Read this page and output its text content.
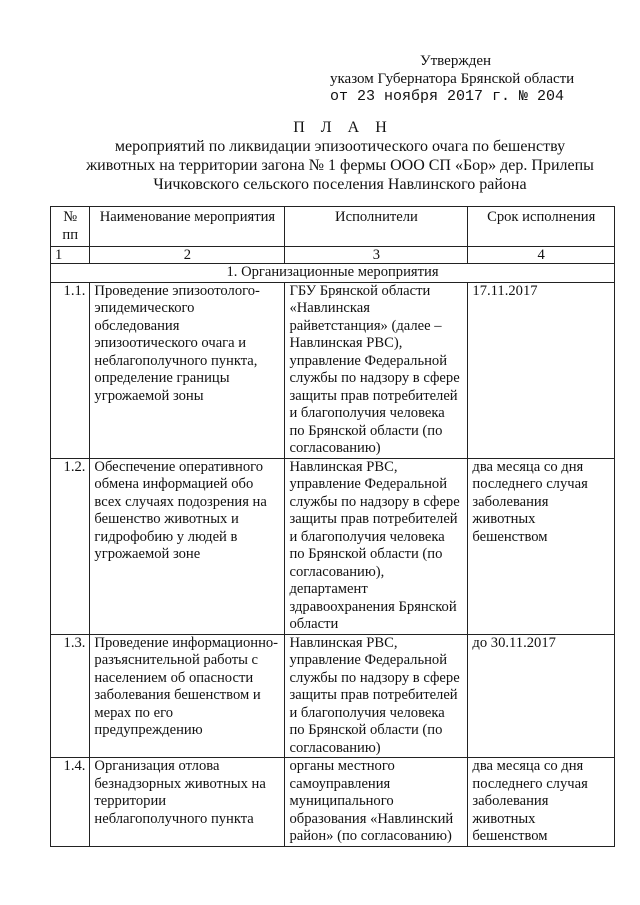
Утвержден
указом Губернатора Брянской области
от 23 ноября 2017 г. № 204
П Л А Н
мероприятий по ликвидации эпизоотического очага по бешенству
животных на территории загона № 1 фермы ООО СП «Бор» дер. Прилепы
Чичковского сельского поселения Навлинского района
№ пп	Наименование мероприятия	Исполнители	Срок исполнения
1	2	3	4
1. Организационные мероприятия			
1.1.	Проведение эпизоотолого-эпидемического обследования эпизоотического очага и неблагополучного пункта, определение границы угрожаемой зоны	ГБУ Брянской области «Навлинская райветстанция» (далее – Навлинская РВС), управление Федеральной службы по надзору в сфере защиты прав потребителей и благополучия человека по Брянской области (по согласованию)	17.11.2017
1.2.	Обеспечение оперативного обмена информацией обо всех случаях подозрения на бешенство животных и гидрофобию у людей в угрожаемой зоне	Навлинская РВС, управление Федеральной службы по надзору в сфере защиты прав потребителей и благополучия человека по Брянской области (по согласованию), департамент здравоохранения Брянской области	два месяца со дня последнего случая заболевания животных бешенством
1.3.	Проведение информационно-разъяснительной работы с населением об опасности заболевания бешенством и мерах по его предупреждению	Навлинская РВС, управление Федеральной службы по надзору в сфере защиты прав потребителей и благополучия человека по Брянской области (по согласованию)	до 30.11.2017
1.4.	Организация отлова безнадзорных животных на территории неблагополучного пункта	органы местного самоуправления муниципального образования «Навлинский район» (по согласованию)	два месяца со дня последнего случая заболевания животных бешенством
